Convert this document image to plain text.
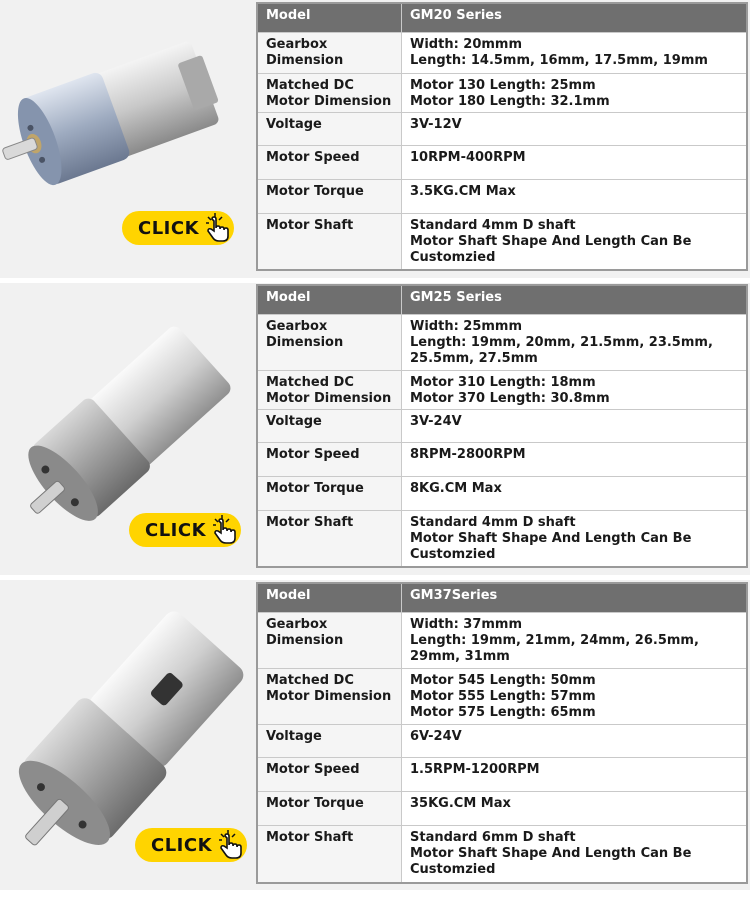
CLICK
Model	GM20 Series
Gearbox Dimension	Width: 20mmm
Length: 14.5mm, 16mm, 17.5mm, 19mm

Matched DC Motor Dimension	Motor 130 Length: 25mm
Motor 180 Length: 32.1mm

Voltage	3V-12V
Motor Speed	10RPM-400RPM
Motor Torque	3.5KG.CM Max
Motor Shaft	Standard 4mm D shaft
Motor Shaft Shape And Length Can Be Customzied
CLICK
Model	GM25 Series
Gearbox Dimension	Width: 25mmm
Length: 19mm, 20mm, 21.5mm, 23.5mm, 25.5mm, 27.5mm

Matched DC Motor Dimension	Motor 310 Length: 18mm
Motor 370 Length: 30.8mm

Voltage	3V-24V
Motor Speed	8RPM-2800RPM
Motor Torque	8KG.CM Max
Motor Shaft	Standard 4mm D shaft
Motor Shaft Shape And Length Can Be Customzied
CLICK
Model	GM37Series
Gearbox Dimension	Width: 37mmm
Length: 19mm, 21mm, 24mm, 26.5mm, 29mm, 31mm

Matched DC Motor Dimension	Motor 545 Length: 50mm
Motor 555 Length: 57mm
Motor 575 Length: 65mm

Voltage	6V-24V
Motor Speed	1.5RPM-1200RPM
Motor Torque	35KG.CM Max
Motor Shaft	Standard 6mm D shaft
Motor Shaft Shape And Length Can Be Customzied
